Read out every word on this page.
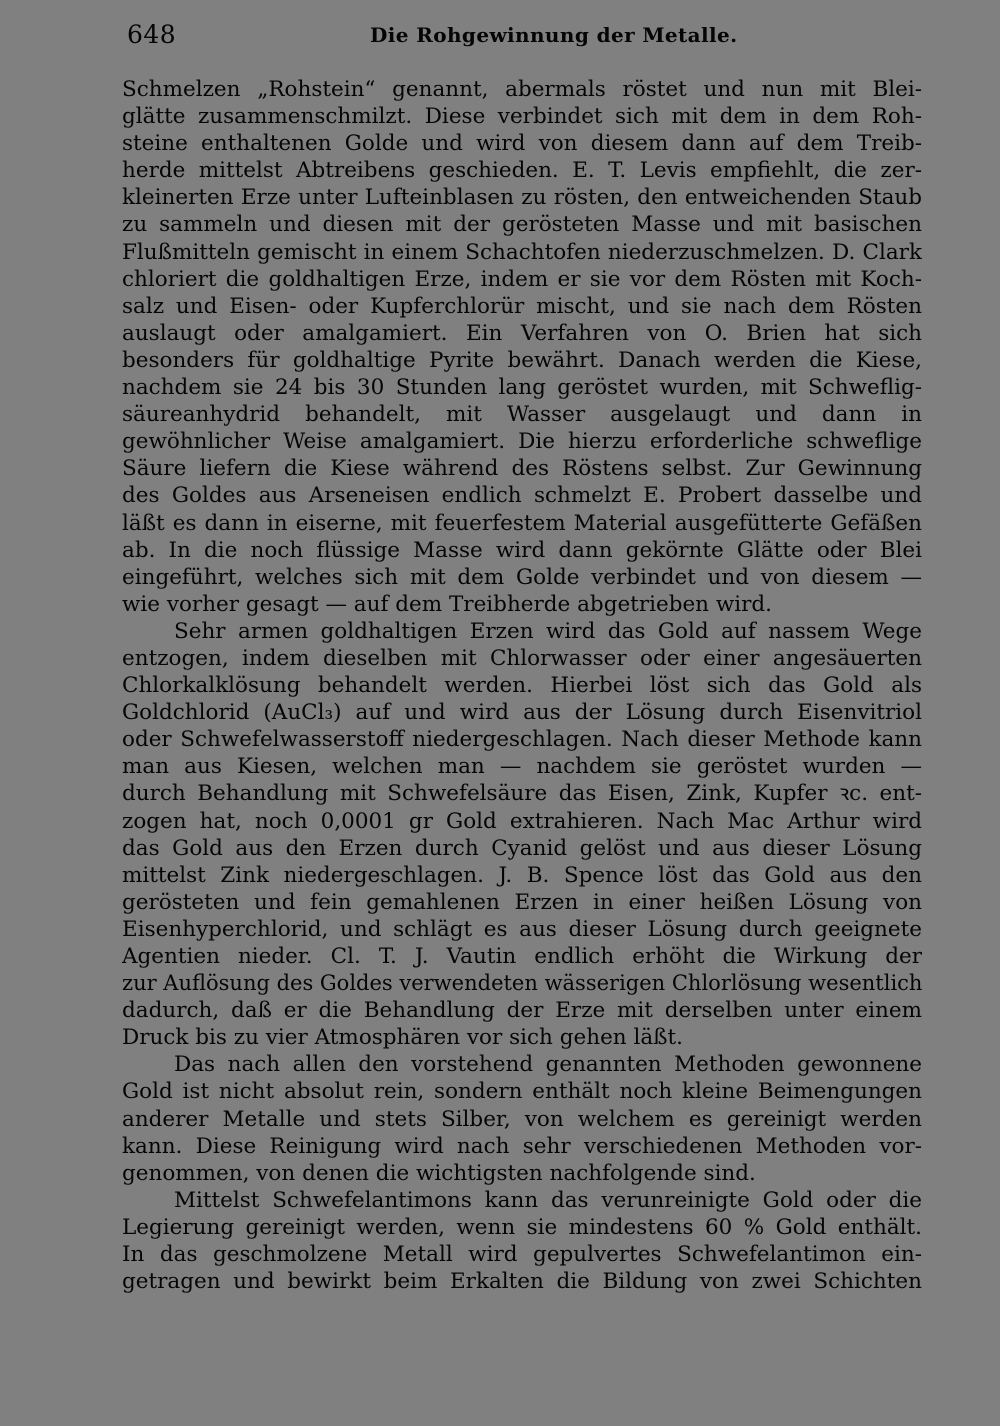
648	Die Rohgewinnung der Metalle.
Schmelzen „Rohstein“ genannt, abermals röstet und nun mit Blei-
glätte zusammenschmilzt. Diese verbindet sich mit dem in dem Roh-
steine enthaltenen Golde und wird von diesem dann auf dem Treib-
herde mittelst Abtreibens geschieden. E. T. Levis empfiehlt, die zer-
kleinerten Erze unter Lufteinblasen zu rösten, den entweichenden Staub
zu sammeln und diesen mit der gerösteten Masse und mit basischen
Flußmitteln gemischt in einem Schachtofen niederzuschmelzen. D. Clark
chloriert die goldhaltigen Erze, indem er sie vor dem Rösten mit Koch-
salz und Eisen- oder Kupferchlorür mischt, und sie nach dem Rösten
auslaugt oder amalgamiert. Ein Verfahren von O. Brien hat sich
besonders für goldhaltige Pyrite bewährt. Danach werden die Kiese,
nachdem sie 24 bis 30 Stunden lang geröstet wurden, mit Schweflig-
säureanhydrid behandelt, mit Wasser ausgelaugt und dann in
gewöhnlicher Weise amalgamiert. Die hierzu erforderliche schweflige
Säure liefern die Kiese während des Röstens selbst. Zur Gewinnung
des Goldes aus Arseneisen endlich schmelzt E. Probert dasselbe und
läßt es dann in eiserne, mit feuerfestem Material ausgefütterte Gefäßen
ab. In die noch flüssige Masse wird dann gekörnte Glätte oder Blei
eingeführt, welches sich mit dem Golde verbindet und von diesem —
wie vorher gesagt — auf dem Treibherde abgetrieben wird.
Sehr armen goldhaltigen Erzen wird das Gold auf nassem Wege
entzogen, indem dieselben mit Chlorwasser oder einer angesäuerten
Chlorkalklösung behandelt werden. Hierbei löst sich das Gold als
Goldchlorid (AuCl₃) auf und wird aus der Lösung durch Eisenvitriol
oder Schwefelwasserstoff niedergeschlagen. Nach dieser Methode kann
man aus Kiesen, welchen man — nachdem sie geröstet wurden —
durch Behandlung mit Schwefelsäure das Eisen, Zink, Kupfer ꝛc. ent-
zogen hat, noch 0,0001 gr Gold extrahieren. Nach Mac Arthur wird
das Gold aus den Erzen durch Cyanid gelöst und aus dieser Lösung
mittelst Zink niedergeschlagen. J. B. Spence löst das Gold aus den
gerösteten und fein gemahlenen Erzen in einer heißen Lösung von
Eisenhyperchlorid, und schlägt es aus dieser Lösung durch geeignete
Agentien nieder. Cl. T. J. Vautin endlich erhöht die Wirkung der
zur Auflösung des Goldes verwendeten wässerigen Chlorlösung wesentlich
dadurch, daß er die Behandlung der Erze mit derselben unter einem
Druck bis zu vier Atmosphären vor sich gehen läßt.
Das nach allen den vorstehend genannten Methoden gewonnene
Gold ist nicht absolut rein, sondern enthält noch kleine Beimengungen
anderer Metalle und stets Silber, von welchem es gereinigt werden
kann. Diese Reinigung wird nach sehr verschiedenen Methoden vor-
genommen, von denen die wichtigsten nachfolgende sind.
Mittelst Schwefelantimons kann das verunreinigte Gold oder die
Legierung gereinigt werden, wenn sie mindestens 60 % Gold enthält.
In das geschmolzene Metall wird gepulvertes Schwefelantimon ein-
getragen und bewirkt beim Erkalten die Bildung von zwei Schichten
